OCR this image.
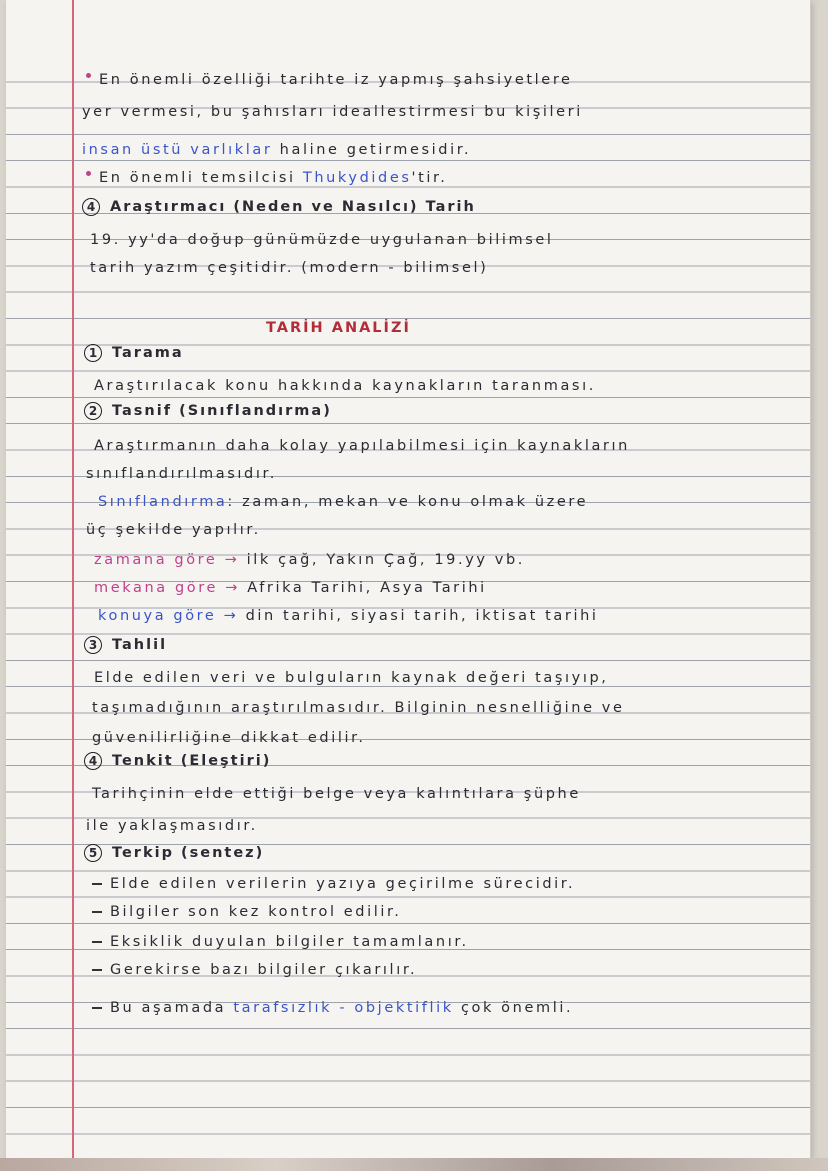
En önemli özelliği tarihte iz yapmış şahsiyetlere
yer vermesi, bu şahısları ideallestirmesi bu kişileri
insan üstü varlıklar haline getirmesidir.
En önemli temsilcisi Thukydides'tir.
4 Araştırmacı (Neden ve Nasılcı) Tarih
19. yy'da doğup günümüzde uygulanan bilimsel
tarih yazım çeşitidir. (modern - bilimsel)
TARİH ANALİZİ
1 Tarama
Araştırılacak konu hakkında kaynakların taranması.
2 Tasnif (Sınıflandırma)
Araştırmanın daha kolay yapılabilmesi için kaynakların
sınıflandırılmasıdır.
Sınıflandırma: zaman, mekan ve konu olmak üzere
üç şekilde yapılır.
zamana göre → ilk çağ, Yakın Çağ, 19.yy vb.
mekana göre → Afrika Tarihi, Asya Tarihi
konuya göre → din tarihi, siyasi tarih, iktisat tarihi
3 Tahlil
Elde edilen veri ve bulguların kaynak değeri taşıyıp,
taşımadığının araştırılmasıdır. Bilginin nesnelliğine ve
güvenilirliğine dikkat edilir.
4 Tenkit (Eleştiri)
Tarihçinin elde ettiği belge veya kalıntılara şüphe
ile yaklaşmasıdır.
5 Terkip (sentez)
Elde edilen verilerin yazıya geçirilme sürecidir.
Bilgiler son kez kontrol edilir.
Eksiklik duyulan bilgiler tamamlanır.
Gerekirse bazı bilgiler çıkarılır.
Bu aşamada tarafsızlık - objektiflik çok önemli.
